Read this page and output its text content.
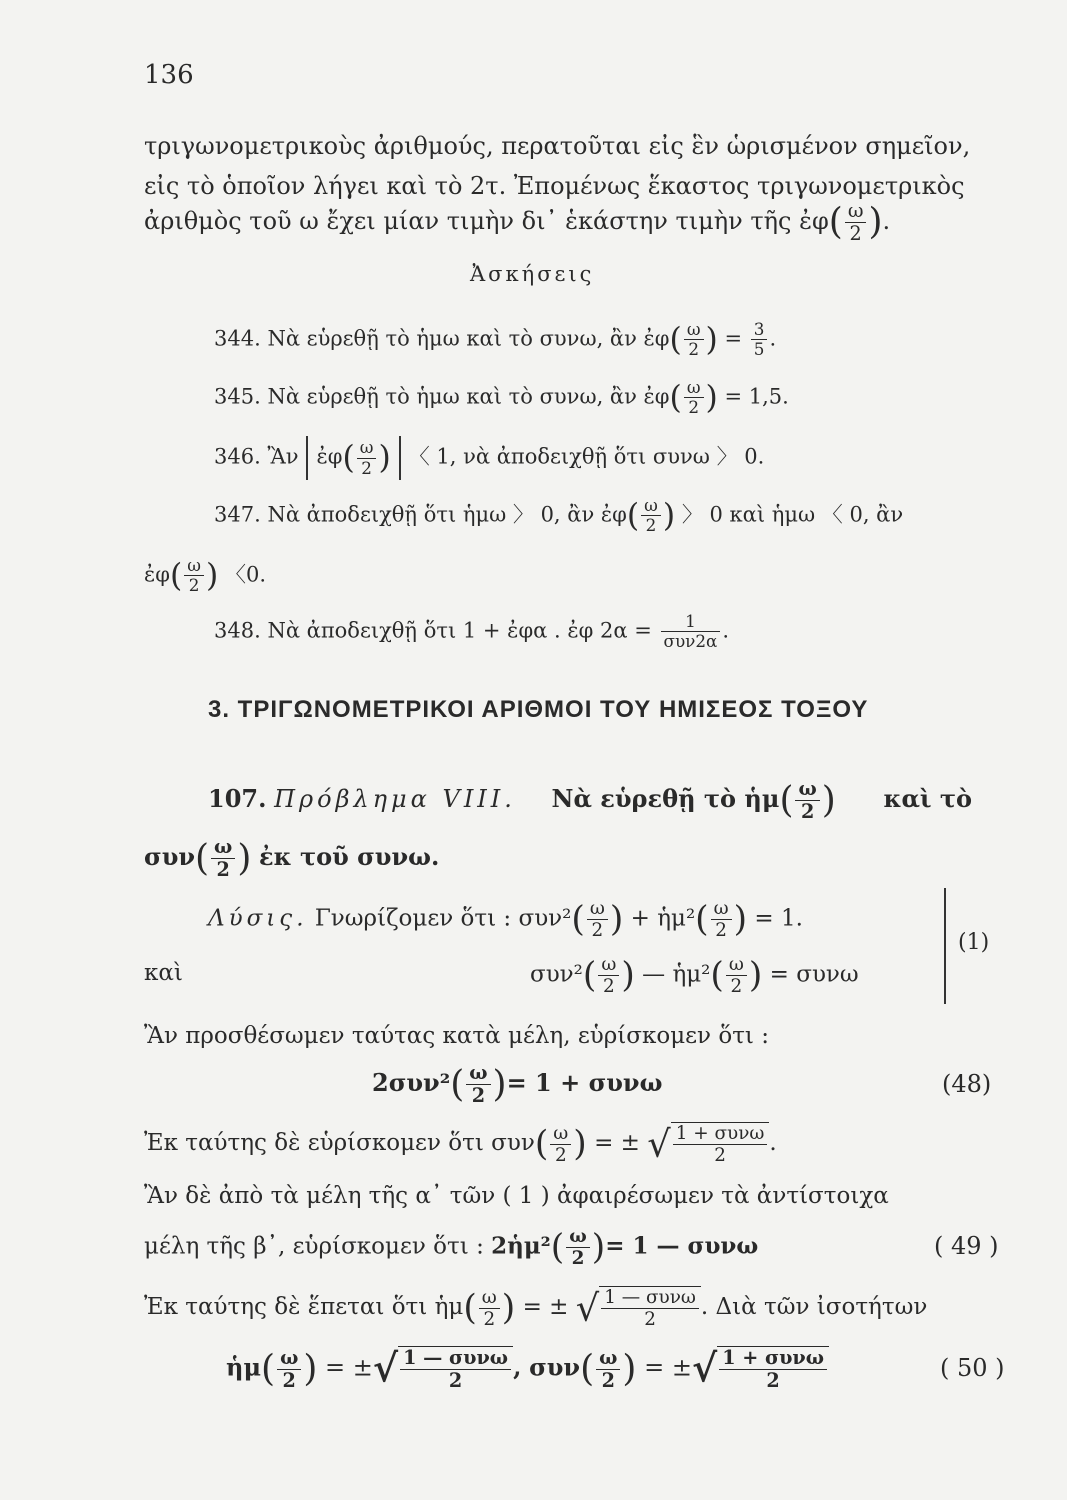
136
τριγωνομετρικοὺς ἀριθμούς, περατοῦται εἰς ἓν ὡρισμένον σημεῖον,
εἰς τὸ ὁποῖον λήγει καὶ τὸ 2τ. Ἐπομένως ἕκαστος τριγωνομετρικὸς
ἀριθμὸς τοῦ ω ἔχει μίαν τιμὴν δι᾿ ἑκάστην τιμὴν τῆς ἐφ( $\frac{\omega}{2}$ ).
Ἀσκήσεις
344. Νὰ εὑρεθῇ τὸ ἡμω καὶ τὸ συνω, ἂν ἐφ( $\frac{\omega}{2}$ ) = $\frac{3}{5}$ .
345. Νὰ εὑρεθῇ τὸ ἡμω καὶ τὸ συνω, ἂν ἐφ( $\frac{\omega}{2}$ ) = 1,5.
346. Ἂν ἐφ( $\frac{\omega}{2}$ ) 〈 1, νὰ ἀποδειχθῇ ὅτι συνω 〉 0.
347. Νὰ ἀποδειχθῇ ὅτι ἡμω 〉 0, ἂν ἐφ( $\frac{\omega}{2}$ ) 〉 0 καὶ ἡμω 〈 0, ἂν
ἐφ( $\frac{\omega}{2}$ ) 〈0.
348. Νὰ ἀποδειχθῇ ὅτι 1 + ἐφα . ἐφ $2\alpha = \frac{1}{\text{συν2α}}$ .
3. ΤΡΙΓΩΝΟΜΕΤΡΙΚΟΙ ΑΡΙΘΜΟΙ ΤΟΥ ΗΜΙΣΕΟΣ ΤΟΞΟΥ
107. Πρόβλημα VIII. Νὰ εὑρεθῇ τὸ ἡμ( $\frac{\omega}{2}$ ) καὶ τὸ
$\sigma\upsilon\nu( \frac{\omega}{2}$ ) ἐκ τοῦ συνω.
Λύσις. Γνωρίζομεν ὅτι : $\sigma\upsilon\nu^2( \frac{\omega}{2}$ ) + ἡμ²( $\frac{\omega}{2}$ ) = 1.
καὶ	$\sigma\upsilon\nu^2( \frac{\omega}{2}$ ) — ἡμ²( $\frac{\omega}{2}$ ) = συνω
(1)
Ἂν προσθέσωμεν ταύτας κατὰ μέλη, εὑρίσκομεν ὅτι :
$2\sigma\upsilon\nu^2( \frac{\omega}{2}$ )= 1 + συνω	(48)
Ἐκ ταύτης δὲ εὑρίσκομεν ὅτι $\sigma\upsilon\nu( \frac{\omega}{2}$ ) = ± √ $\frac{\text{1 + συνω}}{2}$ .
Ἂν δὲ ἀπὸ τὰ μέλη τῆς α᾿ τῶν ( 1 ) ἀφαιρέσωμεν τὰ ἀντίστοιχα
μέλη τῆς β᾿, εὑρίσκομεν ὅτι : 2ἡμ²( $\frac{\omega}{2}$ )= 1 — συνω	( 49 )
Ἐκ ταύτης δὲ ἕπεται ὅτι ἡμ( $\frac{\omega}{2}$ ) = ± √ $\frac{\text{1 — συνω}}{2}$ . Διὰ τῶν ἰσοτήτων
ἡμ( $\frac{\omega}{2}$ ) = ±√ $\frac{\text{1 — συνω}}{2}$ , $\sigma\upsilon\nu( \frac{\omega}{2}$ ) = ±√ $\frac{\text{1 + συνω}}{2}$	( 50 )
